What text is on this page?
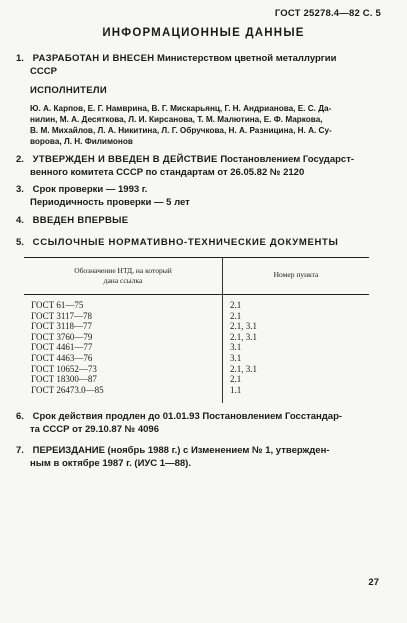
ГОСТ 25278.4—82 С. 5
ИНФОРМАЦИОННЫЕ ДАННЫЕ
1. РАЗРАБОТАН И ВНЕСЕН Министерством цветной металлургии
СССР
ИСПОЛНИТЕЛИ
Ю. А. Карпов, Е. Г. Намврина, В. Г. Мискарьянц, Г. Н. Андрианова, Е. С. Да-
нилин, М. А. Десяткова, Л. И. Кирсанова, Т. М. Малютина, Е. Ф. Маркова,
В. М. Михайлов, Л. А. Никитина, Л. Г. Обручкова, Н. А. Разницина, Н. А. Су-
ворова, Л. Н. Филимонов
2. УТВЕРЖДЕН И ВВЕДЕН В ДЕЙСТВИЕ Постановлением Государст-
венного комитета СССР по стандартам от 26.05.82 № 2120
3. Срок проверки — 1993 г.
Периодичность проверки — 5 лет
4. ВВЕДЕН ВПЕРВЫЕ
5. ССЫЛОЧНЫЕ НОРМАТИВНО-ТЕХНИЧЕСКИЕ ДОКУМЕНТЫ
Обозначение НТД, на который
дана ссылка
Номер пункта
ГОСТ 61—75	2.1
ГОСТ 3117—78	2.1
ГОСТ 3118—77	2.1, 3.1
ГОСТ 3760—79	2.1, 3.1
ГОСТ 4461—77	3.1
ГОСТ 4463—76	3.1
ГОСТ 10652—73	2.1, 3.1
ГОСТ 18300—87	2.1
ГОСТ 26473.0—85	1.1
6. Срок действия продлен до 01.01.93 Постановлением Госстандар-
та СССР от 29.10.87 № 4096
7. ПЕРЕИЗДАНИЕ (ноябрь 1988 г.) с Изменением № 1, утвержден-
ным в октябре 1987 г. (ИУС 1—88).
27
